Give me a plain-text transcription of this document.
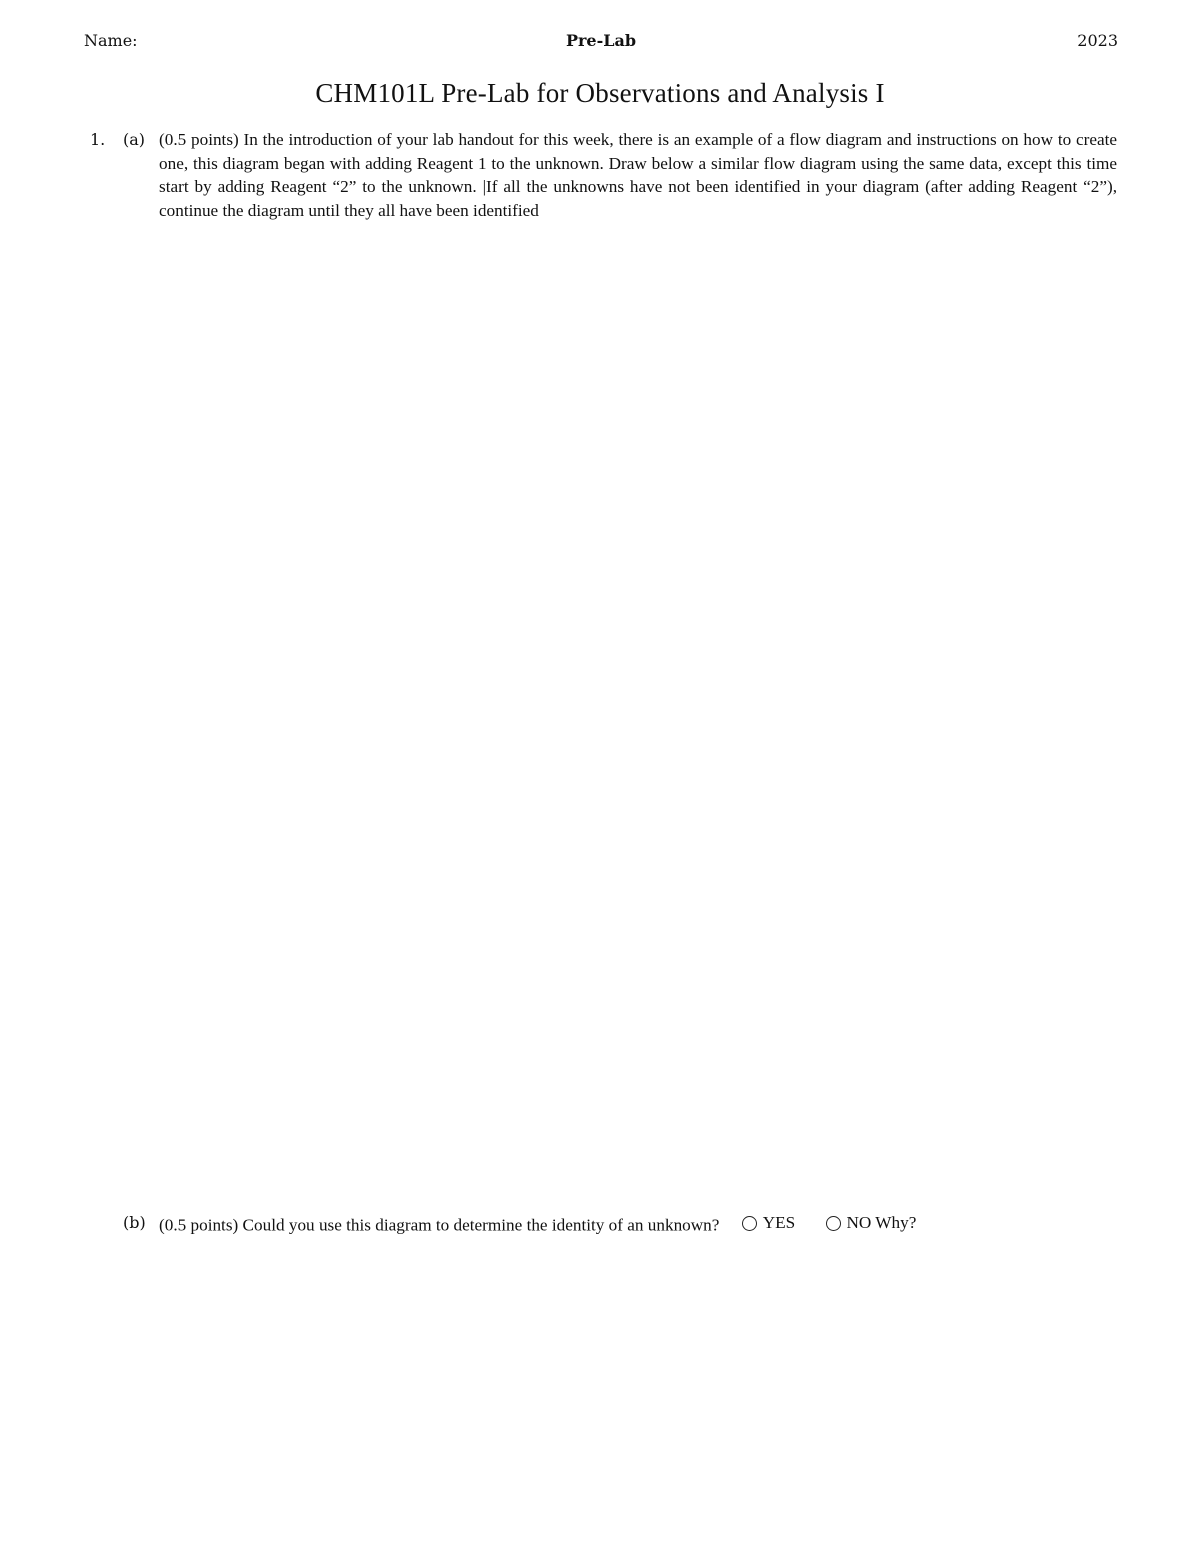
Name:	Pre-Lab	2023
CHM101L Pre-Lab for Observations and Analysis I
1. (a) (0.5 points) In the introduction of your lab handout for this week, there is an example of a flow diagram and instructions on how to create one, this diagram began with adding Reagent 1 to the unknown. Draw below a similar flow diagram using the same data, except this time start by adding Reagent “2” to the unknown. |If all the unknowns have not been identified in your diagram (after adding Reagent “2”), continue the diagram until they all have been identified
(b) (0.5 points) Could you use this diagram to determine the identity of an unknown?	YES
	NO Why?
